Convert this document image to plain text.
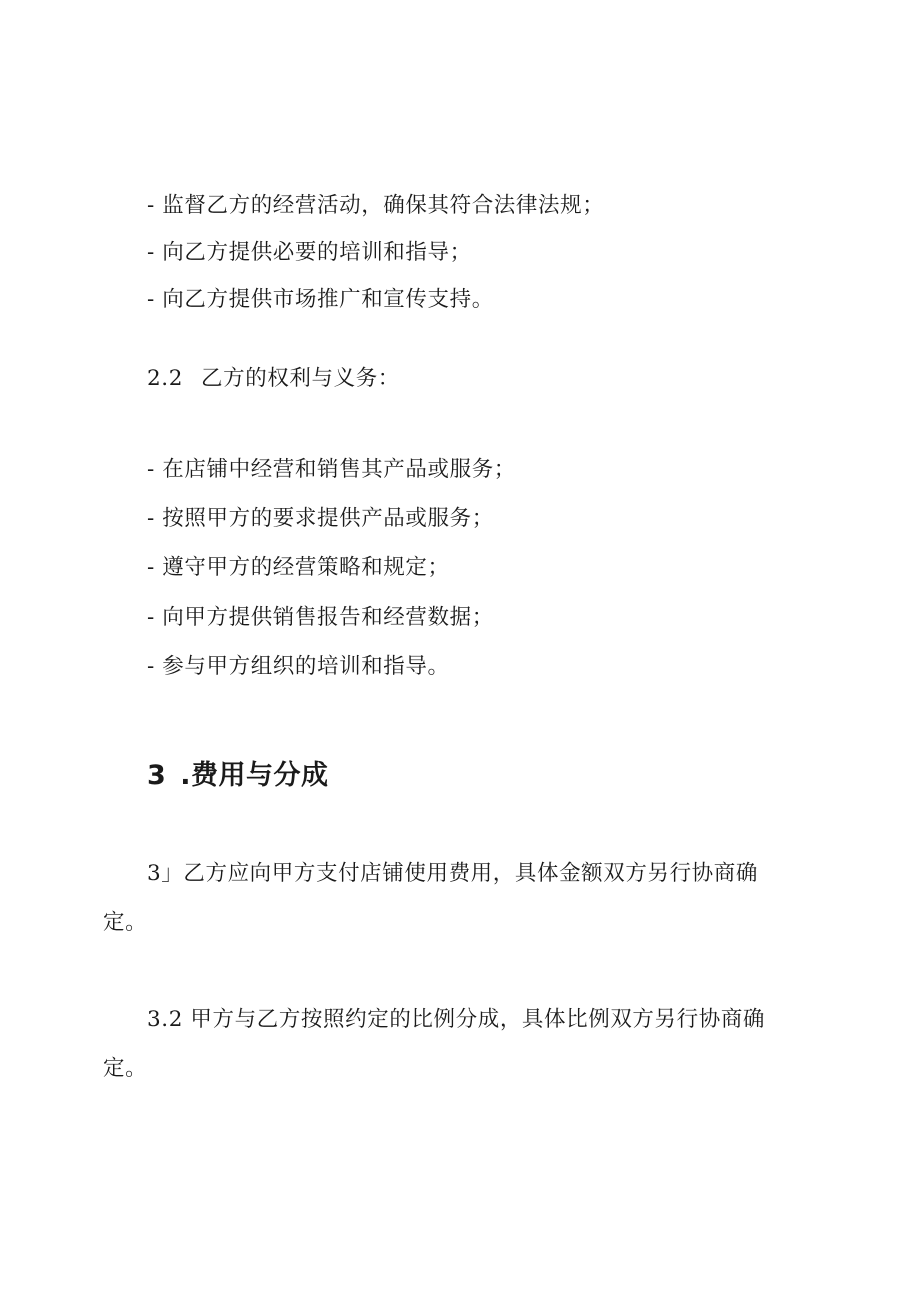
- 监督乙方的经营活动，确保其符合法律法规；
- 向乙方提供必要的培训和指导；
- 向乙方提供市场推广和宣传支持。
2.2 乙方的权利与义务：
- 在店铺中经营和销售其产品或服务；
- 按照甲方的要求提供产品或服务；
- 遵守甲方的经营策略和规定；
- 向甲方提供销售报告和经营数据；
- 参与甲方组织的培训和指导。
3 .费用与分成
3」乙方应向甲方支付店铺使用费用，具体金额双方另行协商确
定。
3.2 甲方与乙方按照约定的比例分成，具体比例双方另行协商确
定。
